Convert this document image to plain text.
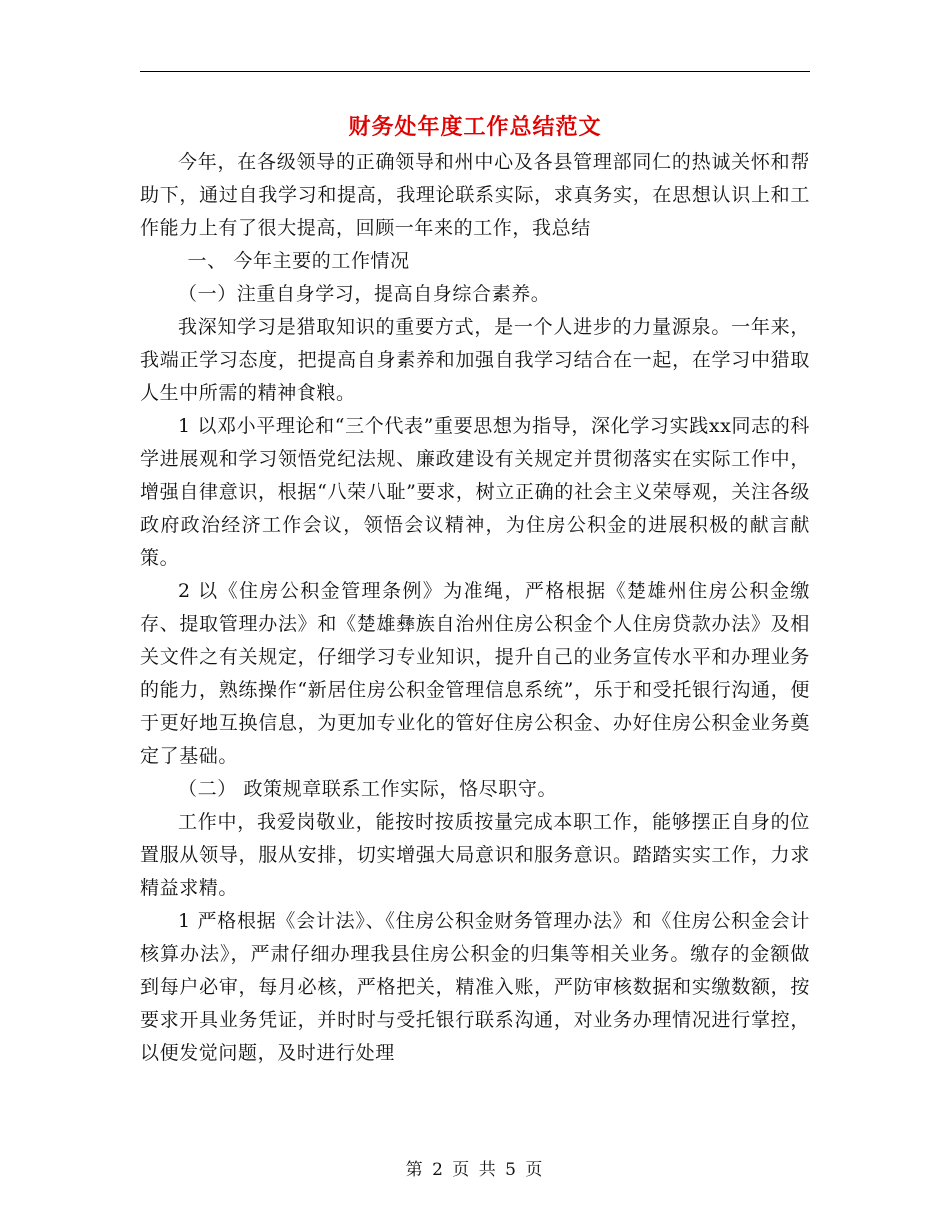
财务处年度工作总结范文

今年，在各级领导的正确领导和州中心及各县管理部同仁的热诚关怀和帮助下，通过自我学习和提高，我理论联系实际，求真务实，在思想认识上和工作能力上有了很大提高，回顾一年来的工作，我总结

一、 今年主要的工作情况

（一）注重自身学习，提高自身综合素养。

我深知学习是猎取知识的重要方式，是一个人进步的力量源泉。一年来，我端正学习态度，把提高自身素养和加强自我学习结合在一起，在学习中猎取人生中所需的精神食粮。

1 以邓小平理论和“三个代表”重要思想为指导，深化学习实践xx同志的科学进展观和学习领悟党纪法规、廉政建设有关规定并贯彻落实在实际工作中，增强自律意识，根据“八荣八耻”要求，树立正确的社会主义荣辱观，关注各级政府政治经济工作会议，领悟会议精神，为住房公积金的进展积极的献言献策。

2 以《住房公积金管理条例》为准绳，严格根据《楚雄州住房公积金缴存、提取管理办法》和《楚雄彝族自治州住房公积金个人住房贷款办法》及相关文件之有关规定，仔细学习专业知识，提升自己的业务宣传水平和办理业务的能力，熟练操作“新居住房公积金管理信息系统”，乐于和受托银行沟通，便于更好地互换信息，为更加专业化的管好住房公积金、办好住房公积金业务奠定了基础。

（二） 政策规章联系工作实际，恪尽职守。

工作中，我爱岗敬业，能按时按质按量完成本职工作，能够摆正自身的位置服从领导，服从安排，切实增强大局意识和服务意识。踏踏实实工作，力求精益求精。

1 严格根据《会计法》、《住房公积金财务管理办法》和《住房公积金会计核算办法》，严肃仔细办理我县住房公积金的归集等相关业务。缴存的金额做到每户必审，每月必核，严格把关，精准入账，严防审核数据和实缴数额，按要求开具业务凭证，并时时与受托银行联系沟通，对业务办理情况进行掌控，以便发觉问题，及时进行处理

第 2 页 共 5 页
